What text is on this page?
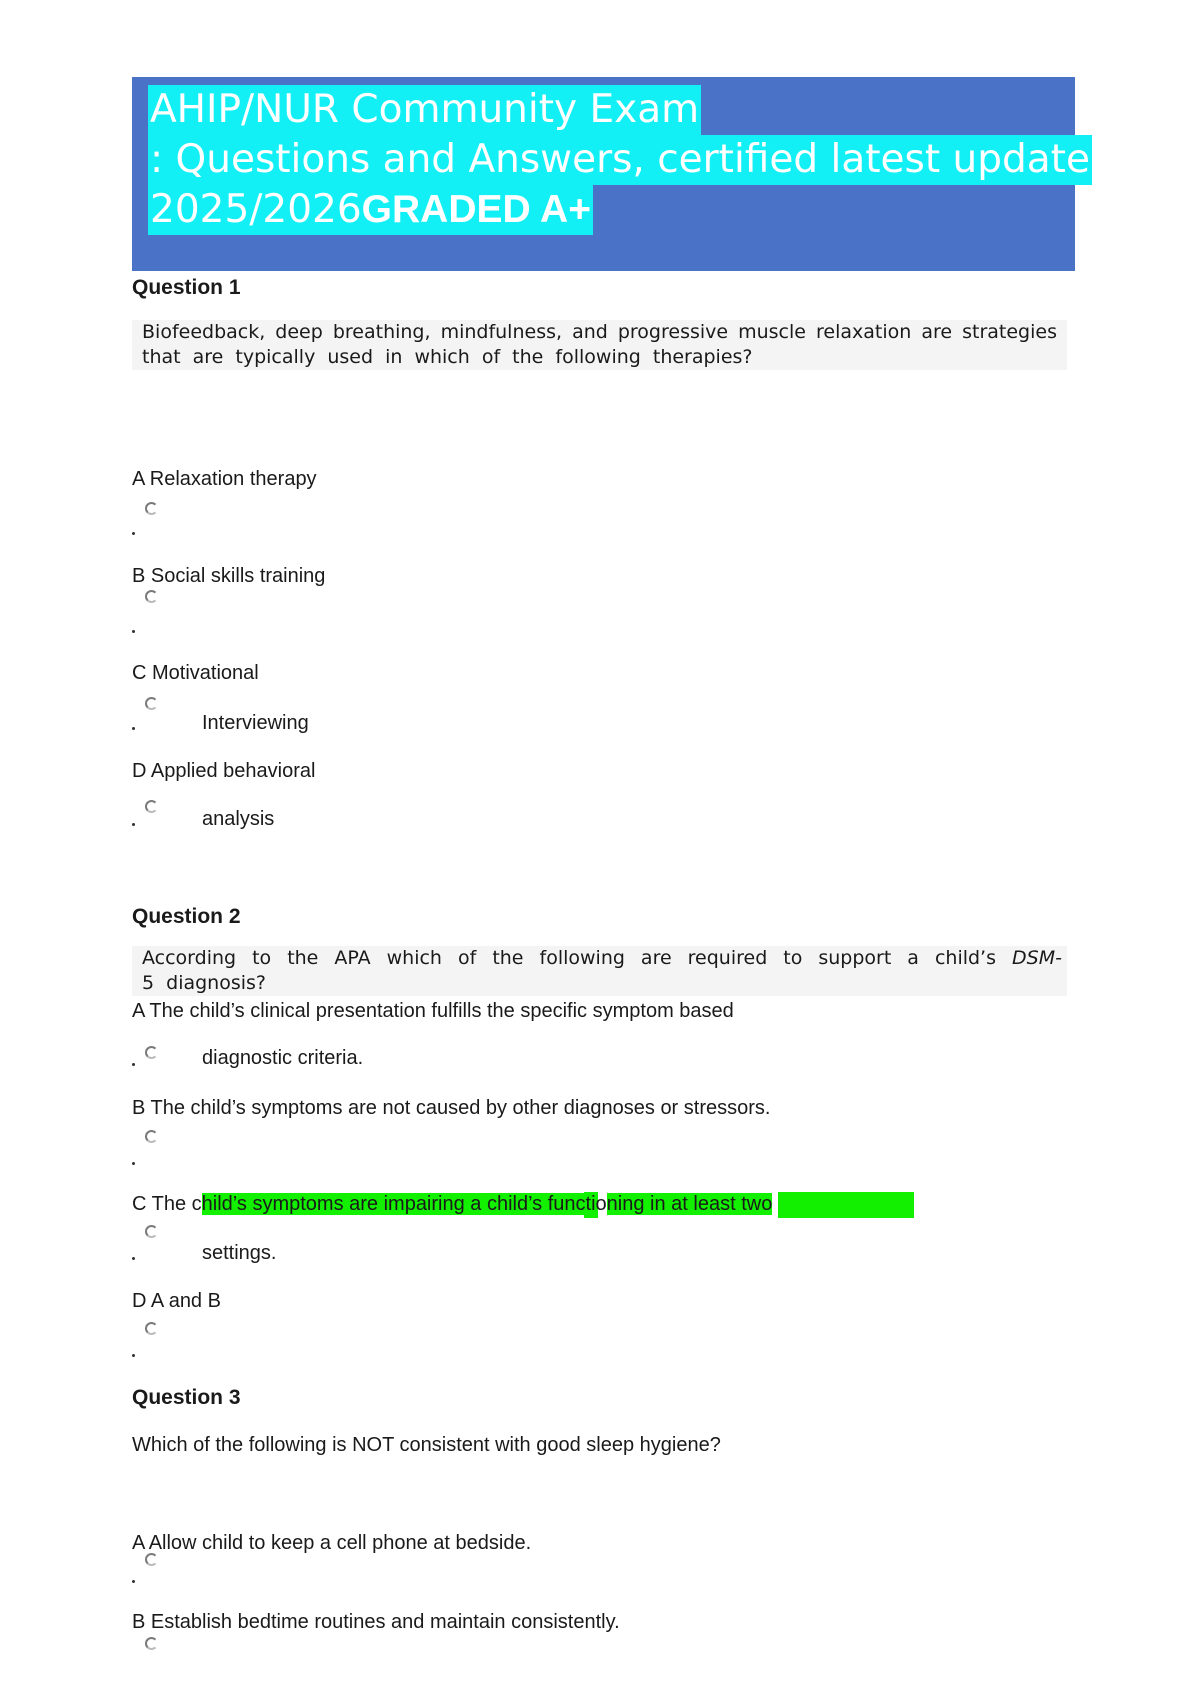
AHIP/NUR Community Exam
: Questions and Answers, certified latest update
2025/2026GRADED A+
Question 1
Biofeedback, deep breathing, mindfulness, and progressive muscle relaxation are strategies
that are typically used in which of the following therapies?
A Relaxation therapy
B Social skills training
C Motivational
Interviewing
D Applied behavioral
analysis
Question 2
According to the APA which of the following are required to support a child’s DSM-
5 diagnosis?
A The child’s clinical presentation fulfills the specific symptom based
diagnostic criteria.
B The child’s symptoms are not caused by other diagnoses or stressors.
C The child’s symptoms are impairing a child’s functioning in at least two
settings.
D A and B
Question 3
Which of the following is NOT consistent with good sleep hygiene?
A Allow child to keep a cell phone at bedside.
B Establish bedtime routines and maintain consistently.
